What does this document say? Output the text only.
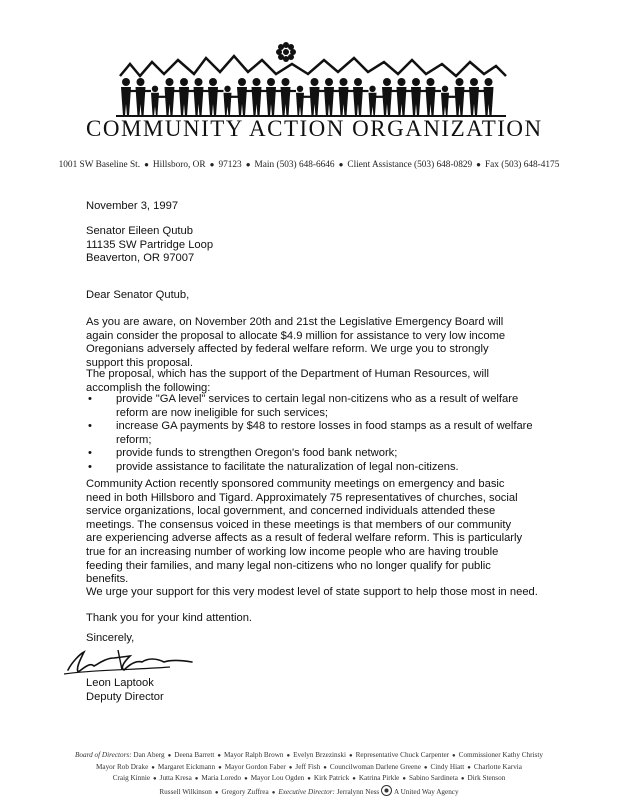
COMMUNITY ACTION ORGANIZATION
1001 SW Baseline St. ● Hillsboro, OR ● 97123 ● Main (503) 648-6646 ● Client Assistance (503) 648-0829 ● Fax (503) 648-4175
November 3, 1997
Senator Eileen Qutub
11135 SW Partridge Loop
Beaverton, OR 97007
Dear Senator Qutub,

As you are aware, on November 20th and 21st the Legislative Emergency Board will again consider the proposal to allocate $4.9 million for assistance to very low income Oregonians adversely affected by federal welfare reform. We urge you to strongly support this proposal.

The proposal, which has the support of the Department of Human Resources, will accomplish the following:

• provide "GA level" services to certain legal non-citizens who as a result of welfare reform are now ineligible for such services;
• increase GA payments by $48 to restore losses in food stamps as a result of welfare reform;
• provide funds to strengthen Oregon's food bank network;
• provide assistance to facilitate the naturalization of legal non-citizens.

Community Action recently sponsored community meetings on emergency and basic need in both Hillsboro and Tigard. Approximately 75 representatives of churches, social service organizations, local government, and concerned individuals attended these meetings. The consensus voiced in these meetings is that members of our community are experiencing adverse affects as a result of federal welfare reform. This is particularly true for an increasing number of working low income people who are having trouble feeding their families, and many legal non-citizens who no longer qualify for public benefits.

We urge your support for this very modest level of state support to help those most in need.

Thank you for your kind attention.

Sincerely,
Leon Laptook
Deputy Director
Board of Directors: Dan Aberg ● Deena Barrett ● Mayor Ralph Brown ● Evelyn Brzezinski ● Representative Chuck Carpenter ● Commissioner Kathy Christy
Mayor Rob Drake ● Margaret Eickmann ● Mayor Gordon Faber ● Jeff Fish ● Councilwoman Darlene Greene ● Cindy Hiatt ● Charlotte Karvia
Craig Kinnie ● Jutta Kresa ● Maria Loredo ● Mayor Lou Ogden ● Kirk Patrick ● Katrina Pirkle ● Sabino Sardineta ● Dirk Stenson
Russell Wilkinson ● Gregory Zuffrea ● Executive Director: Jerralynn Ness A United Way Agency
